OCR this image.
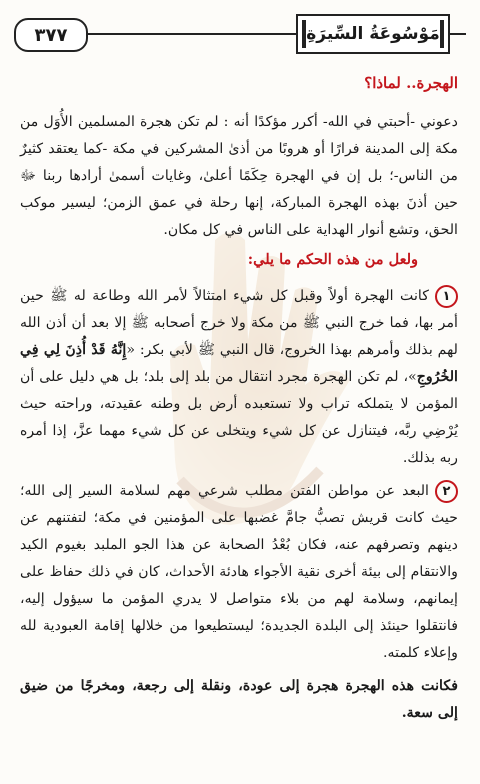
٣٧٧	مَوْسُوعَةُ السِّيرَةِ
الهجرة.. لماذا؟

دعوني -أحبتي في الله- أكرر مؤكدًا أنه : لم تكن هجرة المسلمين الأُوَل من مكة إلى المدينة فرارًا أو هروبًا من أذىٰ المشركين في مكة -كما يعتقد كثيرٌ من الناس-؛ بل إن في الهجرة حِكَمًا أعلىٰ، وغايات أسمىٰ أرادها ربنا ﷻ حين أذنَ بهذه الهجرة المباركة، إنها رحلة في عمق الزمن؛ ليسير موكب الحق، وتشع أنوار الهداية على الناس في كل مكان.

ولعل من هذه الحكم ما يلي:

١كانت الهجرة أولاً وقبل كل شيء امتثالاً لأمر الله وطاعة له ﷺ حين أمر بها، فما خرج النبي ﷺ من مكة ولا خرج أصحابه ﷺ إلا بعد أن أذن الله لهم بذلك وأمرهم بهذا الخروج، قال النبي ﷺ لأبي بكر: «إِنَّهُ قَدْ أُذِنَ لِي فِي الخُرُوجِ»، لم تكن الهجرة مجرد انتقال من بلد إلى بلد؛ بل هي دليل على أن المؤمن لا يتملكه تراب ولا تستعبده أرض بل وطنه عقيدته، وراحته حيث يُرْضِي ربَّه، فيتنازل عن كل شيء ويتخلى عن كل شيء مهما عزَّ، إذا أمره ربه بذلك.

٢البعد عن مواطن الفتن مطلب شرعي مهم لسلامة السير إلى الله؛ حيث كانت قريش تصبُّ جامَّ غضبها على المؤمنين في مكة؛ لتفتنهم عن دينهم وتصرفهم عنه، فكان بُعْدُ الصحابة عن هذا الجو الملبد بغيوم الكيد والانتقام إلى بيئة أخرى نقية الأجواء هادئة الأحداث، كان في ذلك حفاظ على إيمانهم، وسلامة لهم من بلاء متواصل لا يدري المؤمن ما سيؤول إليه، فانتقلوا حينئذ إلى البلدة الجديدة؛ ليستطيعوا من خلالها إقامة العبودية لله وإعلاء كلمته.

فكانت هذه الهجرة هجرة إلى عودة، ونقلة إلى رجعة، ومخرجًا من ضيق إلى سعة.
